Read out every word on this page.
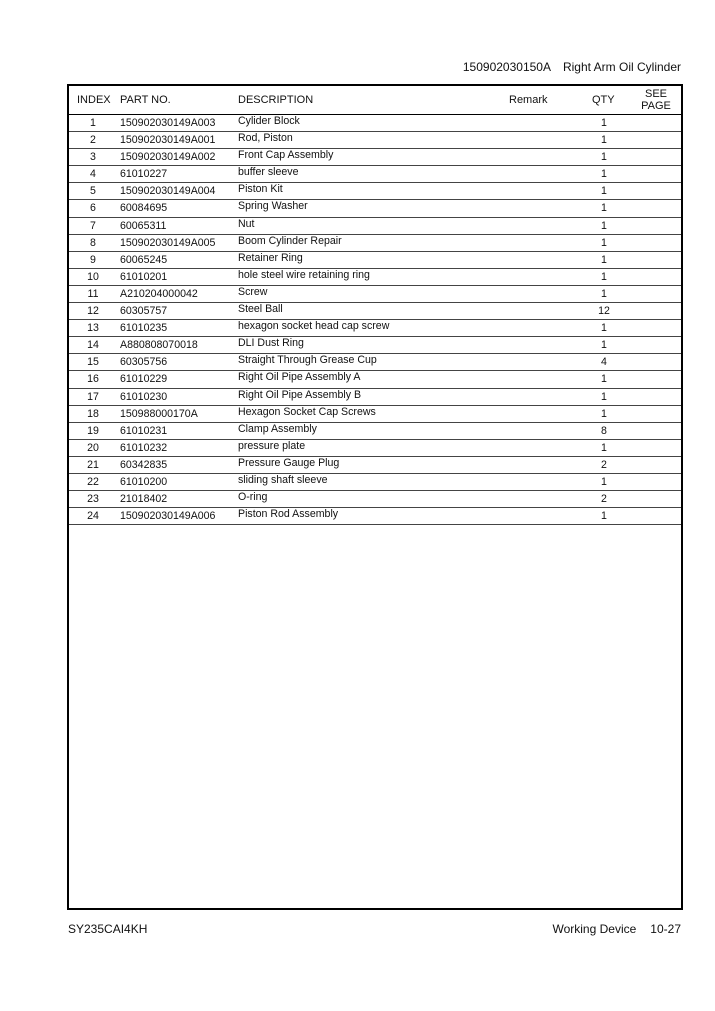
150902030150A Right Arm Oil Cylinder
INDEX PART NO.	DESCRIPTION	Remark	QTY	SEE
PAGE
1	150902030149A003 Cylider Block	1
2	150902030149A001 Rod, Piston	1
3	150902030149A002 Front Cap Assembly	1
4	61010227	buffer sleeve	1
5	150902030149A004 Piston Kit	1
6	60084695	Spring Washer	1
7	60065311	Nut	1
8	150902030149A005 Boom Cylinder Repair	1
9	60065245	Retainer Ring	1
10	61010201	hole steel wire retaining ring	1
11	A210204000042	Screw	1
12	60305757	Steel Ball	12
13	61010235	hexagon socket head cap screw	1
14	A880808070018	DLI Dust Ring	1
15	60305756	Straight Through Grease Cup	4
16	61010229	Right Oil Pipe Assembly A	1
17	61010230	Right Oil Pipe Assembly B	1
18	150988000170A	Hexagon Socket Cap Screws	1
19	61010231	Clamp Assembly	8
20	61010232	pressure plate	1
21	60342835	Pressure Gauge Plug	2
22	61010200	sliding shaft sleeve	1
23	21018402	O-ring	2
24	150902030149A006 Piston Rod Assembly	1
SY235CAI4KH	Working Device 10-27
